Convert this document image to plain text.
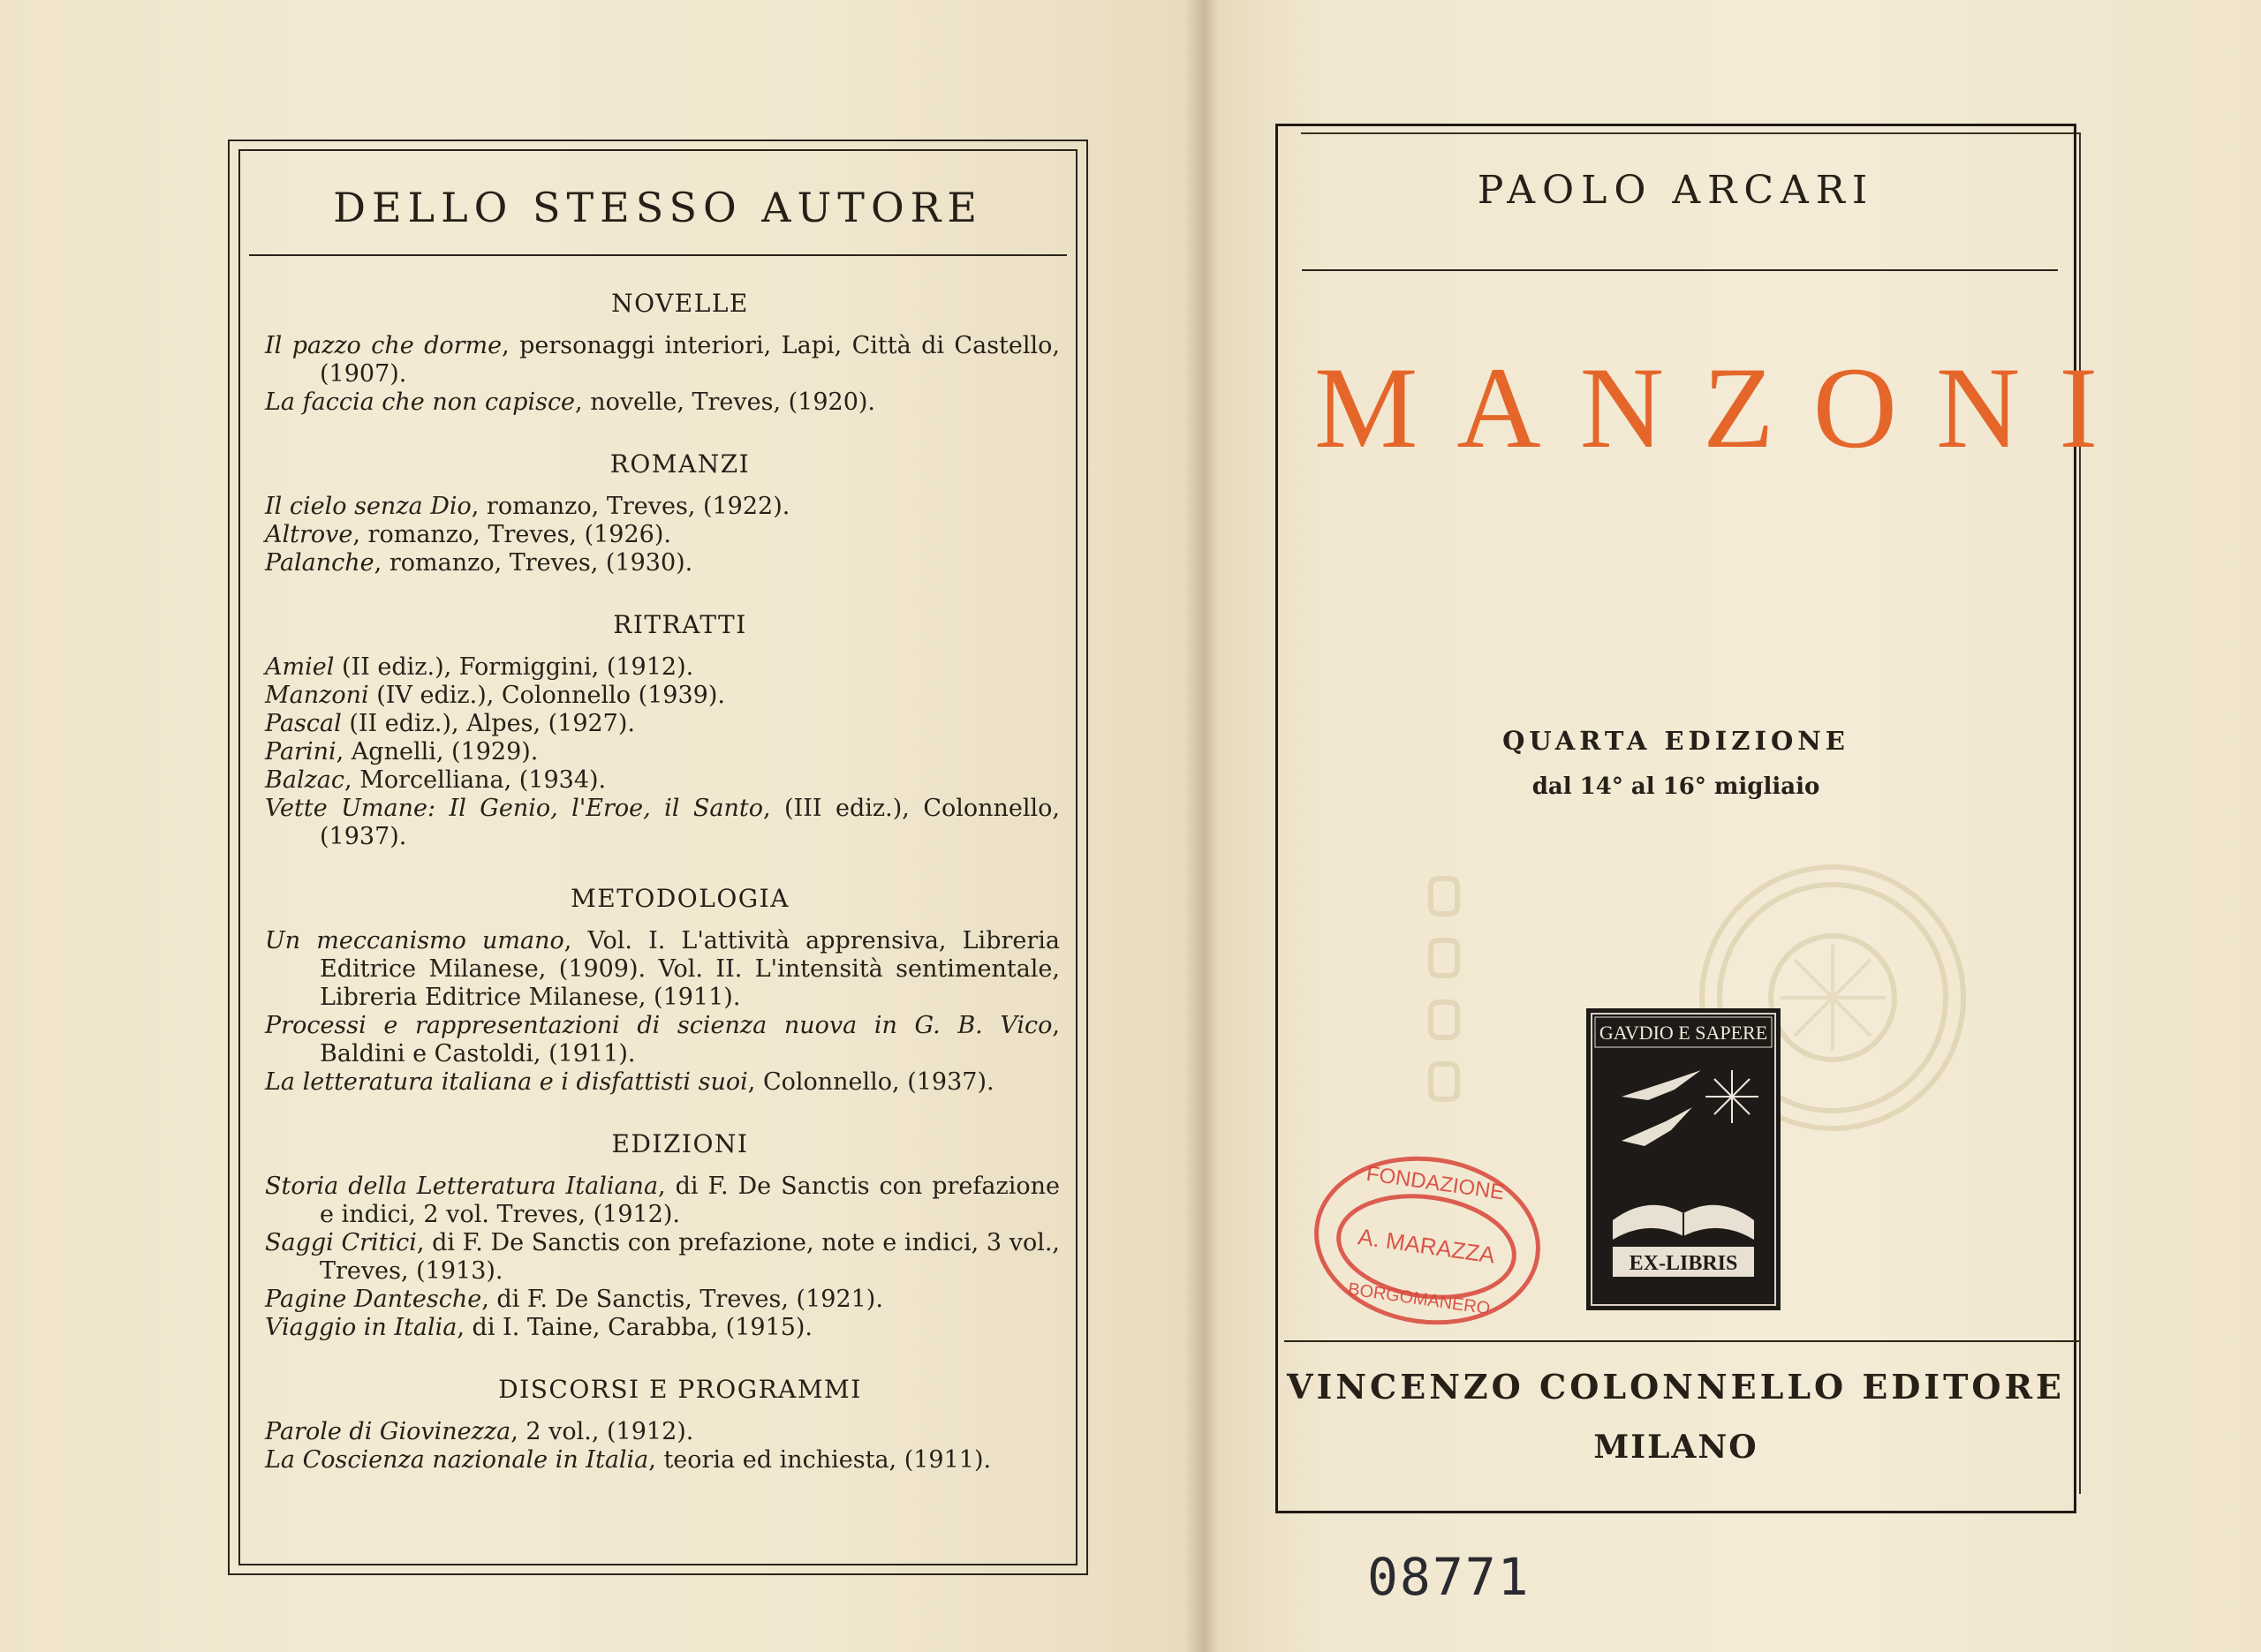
DELLO STESSO AUTORE
NOVELLE

Il pazzo che dorme, personaggi interiori, Lapi, Città di Castello, (1907).

La faccia che non capisce, novelle, Treves, (1920).

ROMANZI

Il cielo senza Dio, romanzo, Treves, (1922).

Altrove, romanzo, Treves, (1926).

Palanche, romanzo, Treves, (1930).

RITRATTI

Amiel (II ediz.), Formiggini, (1912).

Manzoni (IV ediz.), Colonnello (1939).

Pascal (II ediz.), Alpes, (1927).

Parini, Agnelli, (1929).

Balzac, Morcelliana, (1934).

Vette Umane: Il Genio, l'Eroe, il Santo, (III ediz.), Colonnello, (1937).

METODOLOGIA

Un meccanismo umano, Vol. I. L'attività apprensiva, Libreria Editrice Milanese, (1909). Vol. II. L'intensità sentimentale, Libreria Editrice Milanese, (1911).

Processi e rappresentazioni di scienza nuova in G. B. Vico, Baldini e Castoldi, (1911).

La letteratura italiana e i disfattisti suoi, Colonnello, (1937).

EDIZIONI

Storia della Letteratura Italiana, di F. De Sanctis con prefazione e indici, 2 vol. Treves, (1912).

Saggi Critici, di F. De Sanctis con prefazione, note e indici, 3 vol., Treves, (1913).

Pagine Dantesche, di F. De Sanctis, Treves, (1921).

Viaggio in Italia, di I. Taine, Carabba, (1915).

DISCORSI E PROGRAMMI

Parole di Giovinezza, 2 vol., (1912).

La Coscienza nazionale in Italia, teoria ed inchiesta, (1911).

PAOLO ARCARI
MANZONI
QUARTA EDIZIONE
dal 14° al 16° migliaio
GAVDIO E SAPERE
EX-LIBRIS
FONDAZIONE
A. MARAZZA
BORGOMANERO
VINCENZO COLONNELLO EDITORE
MILANO
08771
